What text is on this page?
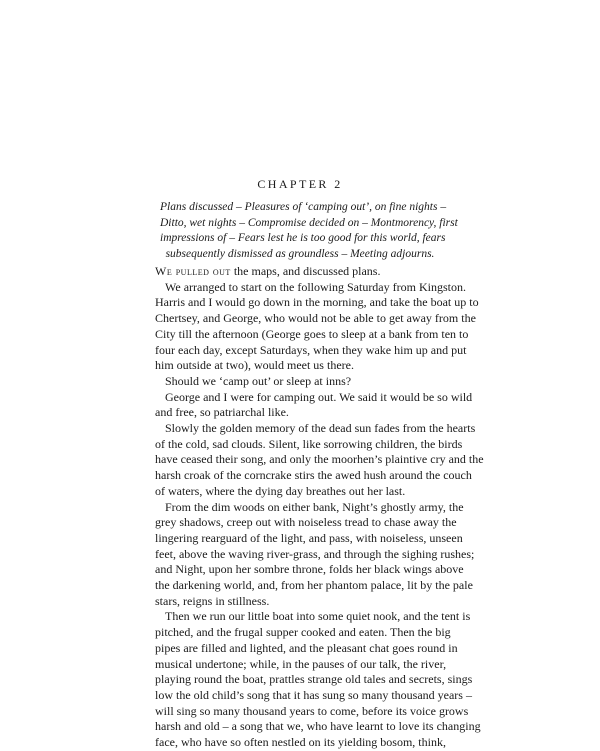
CHAPTER 2
Plans discussed – Pleasures of ‘camping out’, on fine nights –
Ditto, wet nights – Compromise decided on – Montmorency, first
impressions of – Fears lest he is too good for this world, fears
subsequently dismissed as groundless – Meeting adjourns.
We pulled out the maps, and discussed plans.
We arranged to start on the following Saturday from Kingston.
Harris and I would go down in the morning, and take the boat up to
Chertsey, and George, who would not be able to get away from the
City till the afternoon (George goes to sleep at a bank from ten to
four each day, except Saturdays, when they wake him up and put
him outside at two), would meet us there.
Should we ‘camp out’ or sleep at inns?
George and I were for camping out. We said it would be so wild
and free, so patriarchal like.
Slowly the golden memory of the dead sun fades from the hearts
of the cold, sad clouds. Silent, like sorrowing children, the birds
have ceased their song, and only the moorhen’s plaintive cry and the
harsh croak of the corncrake stirs the awed hush around the couch
of waters, where the dying day breathes out her last.
From the dim woods on either bank, Night’s ghostly army, the
grey shadows, creep out with noiseless tread to chase away the
lingering rearguard of the light, and pass, with noiseless, unseen
feet, above the waving river-grass, and through the sighing rushes;
and Night, upon her sombre throne, folds her black wings above
the darkening world, and, from her phantom palace, lit by the pale
stars, reigns in stillness.
Then we run our little boat into some quiet nook, and the tent is
pitched, and the frugal supper cooked and eaten. Then the big
pipes are filled and lighted, and the pleasant chat goes round in
musical undertone; while, in the pauses of our talk, the river,
playing round the boat, prattles strange old tales and secrets, sings
low the old child’s song that it has sung so many thousand years –
will sing so many thousand years to come, before its voice grows
harsh and old – a song that we, who have learnt to love its changing
face, who have so often nestled on its yielding bosom, think,
